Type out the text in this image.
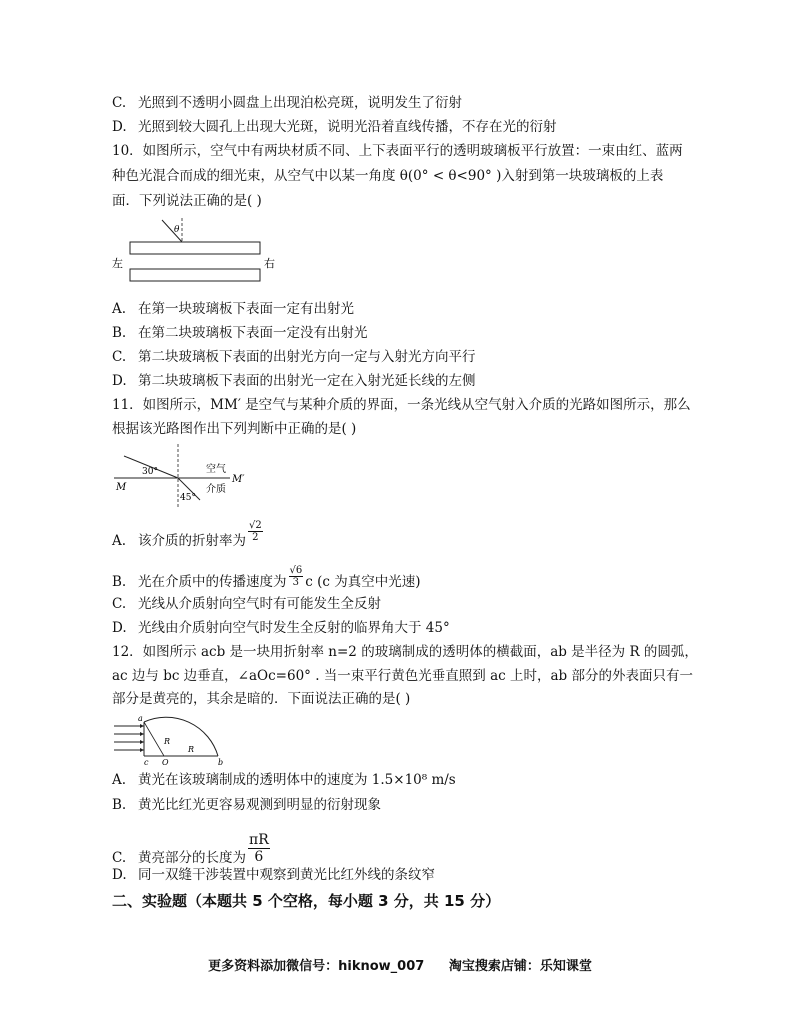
C. 光照到不透明小圆盘上出现泊松亮斑，说明发生了衍射
D. 光照到较大圆孔上出现大光斑，说明光沿着直线传播，不存在光的衍射
10．如图所示，空气中有两块材质不同、上下表面平行的透明玻璃板平行放置：一束由红、蓝两
种色光混合而成的细光束，从空气中以某一角度 θ(0° < θ<90° )入射到第一块玻璃板的上表
面．下列说法正确的是( )
θ
左	右
A. 在第一块玻璃板下表面一定有出射光
B. 在第二块玻璃板下表面一定没有出射光
C. 第二块玻璃板下表面的出射光方向一定与入射光方向平行
D. 第二块玻璃板下表面的出射光一定在入射光延长线的左侧
11．如图所示，MM′ 是空气与某种介质的界面，一条光线从空气射入介质的光路如图所示，那么
根据该光路图作出下列判断中正确的是( )
30°
45°
空气
介质
M
M′
A. 该介质的折射率为 $\frac{√2}{2}$
B. 光在介质中的传播速度为 $\frac{√6}{3}$ c (c 为真空中光速)
C. 光线从介质射向空气时有可能发生全反射
D. 光线由介质射向空气时发生全反射的临界角大于 45°
12．如图所示 acb 是一块用折射率 n=2 的玻璃制成的透明体的横截面，ab 是半径为 R 的圆弧，
ac 边与 bc 边垂直，∠aOc=60° . 当一束平行黄色光垂直照到 ac 上时，ab 部分的外表面只有一
部分是黄亮的，其余是暗的．下面说法正确的是( )
a
b
c O
R
R
A. 黄光在该玻璃制成的透明体中的速度为 1.5×10⁸ m/s
B. 黄光比红光更容易观测到明显的衍射现象
C. 黄亮部分的长度为 $\frac{\pi R}{6}$
D. 同一双缝干涉装置中观察到黄光比红外线的条纹窄
二、实验题（本题共 5 个空格，每小题 3 分，共 15 分）
更多资料添加微信号：hiknow_007 淘宝搜索店铺：乐知课堂
